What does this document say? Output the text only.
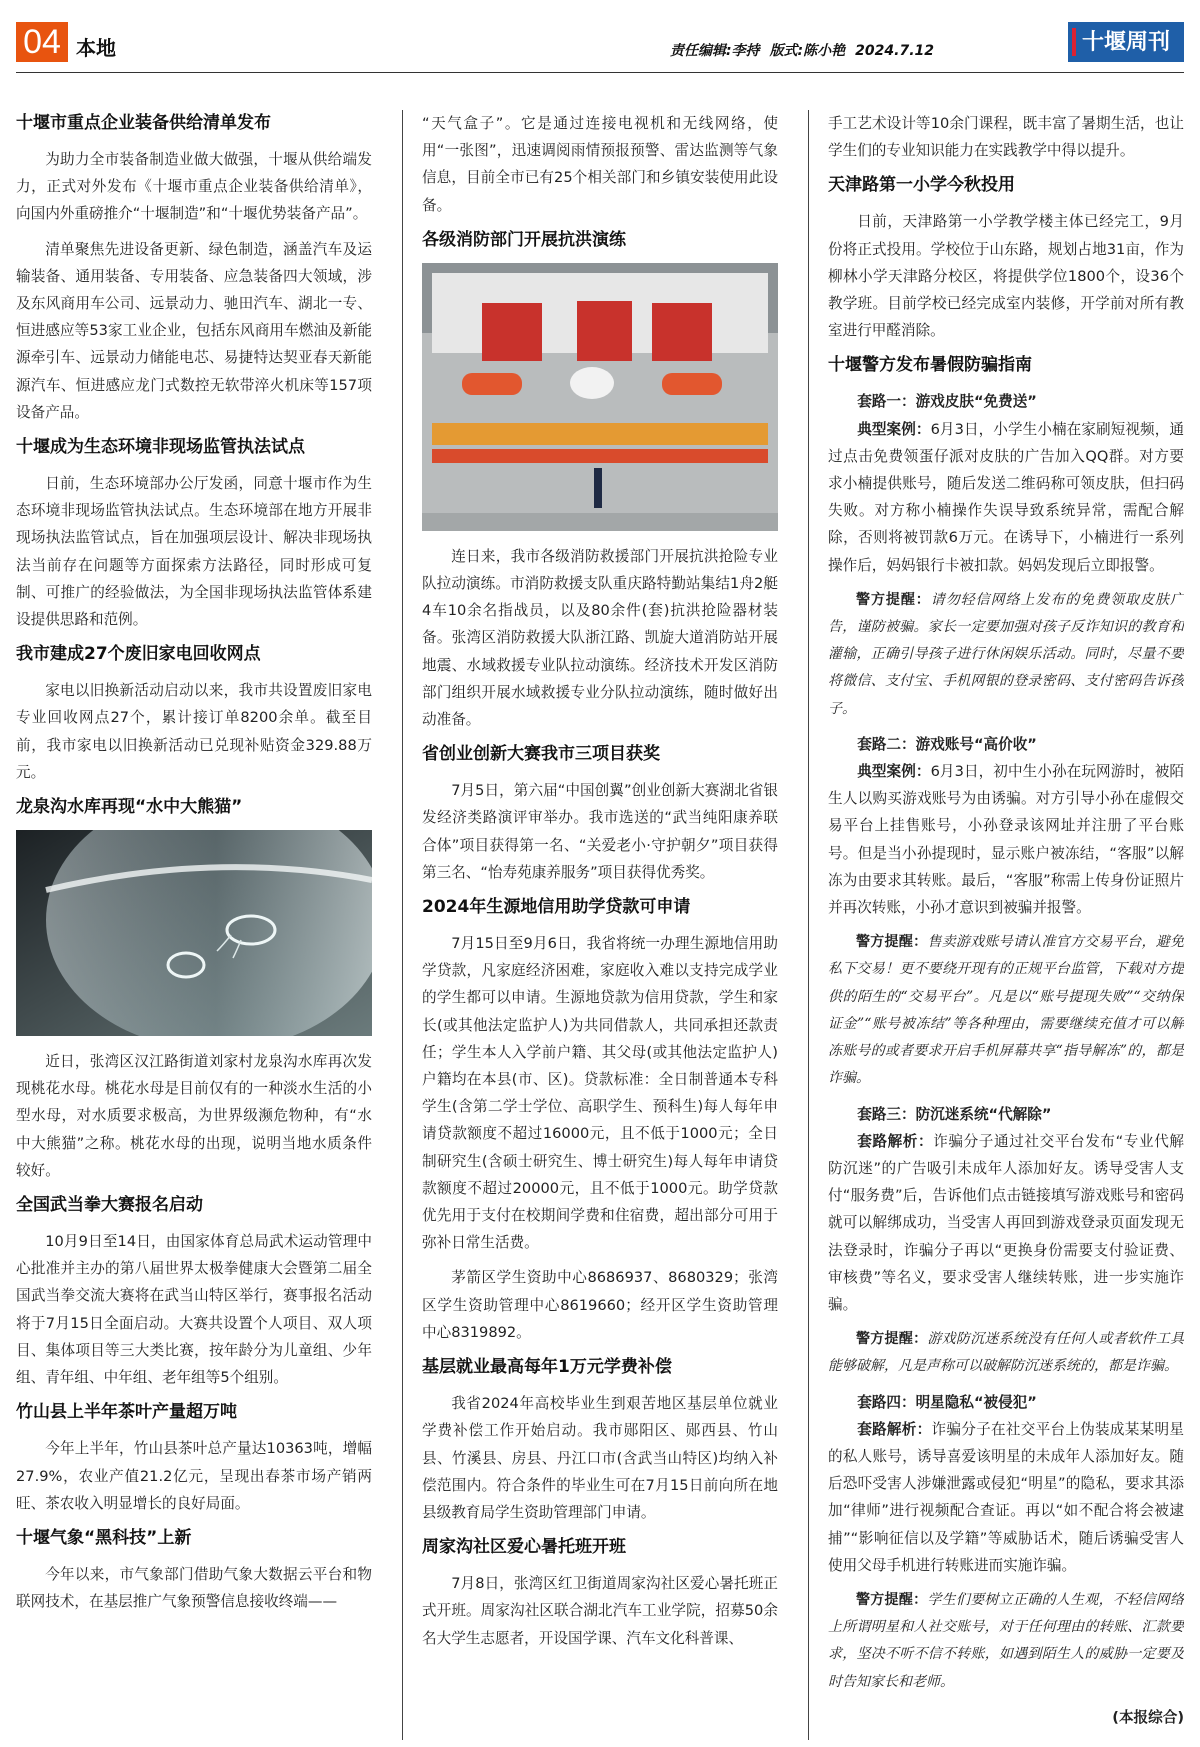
04 本地	责任编辑:李持 版式:陈小艳 2024.7.12	十堰周刊
十堰市重点企业装备供给清单发布

为助力全市装备制造业做大做强，十堰从供给端发力，正式对外发布《十堰市重点企业装备供给清单》，向国内外重磅推介“十堰制造”和“十堰优势装备产品”。

清单聚焦先进设备更新、绿色制造，涵盖汽车及运输装备、通用装备、专用装备、应急装备四大领域，涉及东风商用车公司、远景动力、驰田汽车、湖北一专、恒进感应等53家工业企业，包括东风商用车燃油及新能源牵引车、远景动力储能电芯、易捷特达契亚春天新能源汽车、恒进感应龙门式数控无软带淬火机床等157项设备产品。

十堰成为生态环境非现场监管执法试点

日前，生态环境部办公厅发函，同意十堰市作为生态环境非现场监管执法试点。生态环境部在地方开展非现场执法监管试点，旨在加强项层设计、解决非现场执法当前存在问题等方面探索方法路径，同时形成可复制、可推广的经验做法，为全国非现场执法监管体系建设提供思路和范例。

我市建成27个废旧家电回收网点

家电以旧换新活动启动以来，我市共设置废旧家电专业回收网点27个，累计接订单8200余单。截至目前，我市家电以旧换新活动已兑现补贴资金329.88万元。

龙泉沟水库再现“水中大熊猫”

近日，张湾区汉江路街道刘家村龙泉沟水库再次发现桃花水母。桃花水母是目前仅有的一种淡水生活的小型水母，对水质要求极高，为世界级濒危物种，有“水中大熊猫”之称。桃花水母的出现，说明当地水质条件较好。

全国武当拳大赛报名启动

10月9日至14日，由国家体育总局武术运动管理中心批准并主办的第八届世界太极拳健康大会暨第二届全国武当拳交流大赛将在武当山特区举行，赛事报名活动将于7月15日全面启动。大赛共设置个人项目、双人项目、集体项目等三大类比赛，按年龄分为儿童组、少年组、青年组、中年组、老年组等5个组别。

竹山县上半年茶叶产量超万吨

今年上半年，竹山县茶叶总产量达10363吨，增幅27.9%，农业产值21.2亿元，呈现出春茶市场产销两旺、茶农收入明显增长的良好局面。

十堰气象“黑科技”上新

今年以来，市气象部门借助气象大数据云平台和物联网技术，在基层推广气象预警信息接收终端——

“天气盒子”。它是通过连接电视机和无线网络，使用“一张图”，迅速调阅雨情预报预警、雷达监测等气象信息，目前全市已有25个相关部门和乡镇安装使用此设备。

各级消防部门开展抗洪演练

连日来，我市各级消防救援部门开展抗洪抢险专业队拉动演练。市消防救援支队重庆路特勤站集结1舟2艇4车10余名指战员，以及80余件(套)抗洪抢险器材装备。张湾区消防救援大队浙江路、凯旋大道消防站开展地震、水域救援专业队拉动演练。经济技术开发区消防部门组织开展水域救援专业分队拉动演练，随时做好出动准备。

省创业创新大赛我市三项目获奖

7月5日，第六届“中国创翼”创业创新大赛湖北省银发经济类路演评审举办。我市选送的“武当纯阳康养联合体”项目获得第一名、“关爱老小·守护朝夕”项目获得第三名、“怡寿苑康养服务”项目获得优秀奖。

2024年生源地信用助学贷款可申请

7月15日至9月6日，我省将统一办理生源地信用助学贷款，凡家庭经济困难，家庭收入难以支持完成学业的学生都可以申请。生源地贷款为信用贷款，学生和家长(或其他法定监护人)为共同借款人，共同承担还款责任；学生本人入学前户籍、其父母(或其他法定监护人)户籍均在本县(市、区)。贷款标准：全日制普通本专科学生(含第二学士学位、高职学生、预科生)每人每年申请贷款额度不超过16000元，且不低于1000元；全日制研究生(含硕士研究生、博士研究生)每人每年申请贷款额度不超过20000元，且不低于1000元。助学贷款优先用于支付在校期间学费和住宿费，超出部分可用于弥补日常生活费。

茅箭区学生资助中心8686937、8680329；张湾区学生资助管理中心8619660；经开区学生资助管理中心8319892。

基层就业最高每年1万元学费补偿

我省2024年高校毕业生到艰苦地区基层单位就业学费补偿工作开始启动。我市郧阳区、郧西县、竹山县、竹溪县、房县、丹江口市(含武当山特区)均纳入补偿范围内。符合条件的毕业生可在7月15日前向所在地县级教育局学生资助管理部门申请。

周家沟社区爱心暑托班开班

7月8日，张湾区红卫街道周家沟社区爱心暑托班正式开班。周家沟社区联合湖北汽车工业学院，招募50余名大学生志愿者，开设国学课、汽车文化科普课、

手工艺术设计等10余门课程，既丰富了暑期生活，也让学生们的专业知识能力在实践教学中得以提升。

天津路第一小学今秋投用

日前，天津路第一小学教学楼主体已经完工，9月份将正式投用。学校位于山东路，规划占地31亩，作为柳林小学天津路分校区，将提供学位1800个，设36个教学班。目前学校已经完成室内装修，开学前对所有教室进行甲醛消除。

十堰警方发布暑假防骗指南

套路一：游戏皮肤“免费送”

典型案例：6月3日，小学生小楠在家刷短视频，通过点击免费领蛋仔派对皮肤的广告加入QQ群。对方要求小楠提供账号，随后发送二维码称可领皮肤，但扫码失败。对方称小楠操作失误导致系统异常，需配合解除，否则将被罚款6万元。在诱导下，小楠进行一系列操作后，妈妈银行卡被扣款。妈妈发现后立即报警。

警方提醒：请勿轻信网络上发布的免费领取皮肤广告，谨防被骗。家长一定要加强对孩子反诈知识的教育和灌输，正确引导孩子进行休闲娱乐活动。同时，尽量不要将微信、支付宝、手机网银的登录密码、支付密码告诉孩子。

套路二：游戏账号“高价收”

典型案例：6月3日，初中生小孙在玩网游时，被陌生人以购买游戏账号为由诱骗。对方引导小孙在虚假交易平台上挂售账号，小孙登录该网址并注册了平台账号。但是当小孙提现时，显示账户被冻结，“客服”以解冻为由要求其转账。最后，“客服”称需上传身份证照片并再次转账，小孙才意识到被骗并报警。

警方提醒：售卖游戏账号请认准官方交易平台，避免私下交易！更不要绕开现有的正规平台监管，下载对方提供的陌生的“交易平台”。凡是以“账号提现失败”“交纳保证金”“账号被冻结”等各种理由，需要继续充值才可以解冻账号的或者要求开启手机屏幕共享“指导解冻”的，都是诈骗。

套路三：防沉迷系统“代解除”

套路解析：诈骗分子通过社交平台发布“专业代解防沉迷”的广告吸引未成年人添加好友。诱导受害人支付“服务费”后，告诉他们点击链接填写游戏账号和密码就可以解绑成功，当受害人再回到游戏登录页面发现无法登录时，诈骗分子再以“更换身份需要支付验证费、审核费”等名义，要求受害人继续转账，进一步实施诈骗。

警方提醒：游戏防沉迷系统没有任何人或者软件工具能够破解，凡是声称可以破解防沉迷系统的，都是诈骗。

套路四：明星隐私“被侵犯”

套路解析：诈骗分子在社交平台上伪装成某某明星的私人账号，诱导喜爱该明星的未成年人添加好友。随后恐吓受害人涉嫌泄露或侵犯“明星”的隐私，要求其添加“律师”进行视频配合查证。再以“如不配合将会被逮捕”“影响征信以及学籍”等威胁话术，随后诱骗受害人使用父母手机进行转账进而实施诈骗。

警方提醒：学生们要树立正确的人生观，不轻信网络上所谓明星和人社交账号，对于任何理由的转账、汇款要求，坚决不听不信不转账，如遇到陌生人的威胁一定要及时告知家长和老师。

(本报综合)
